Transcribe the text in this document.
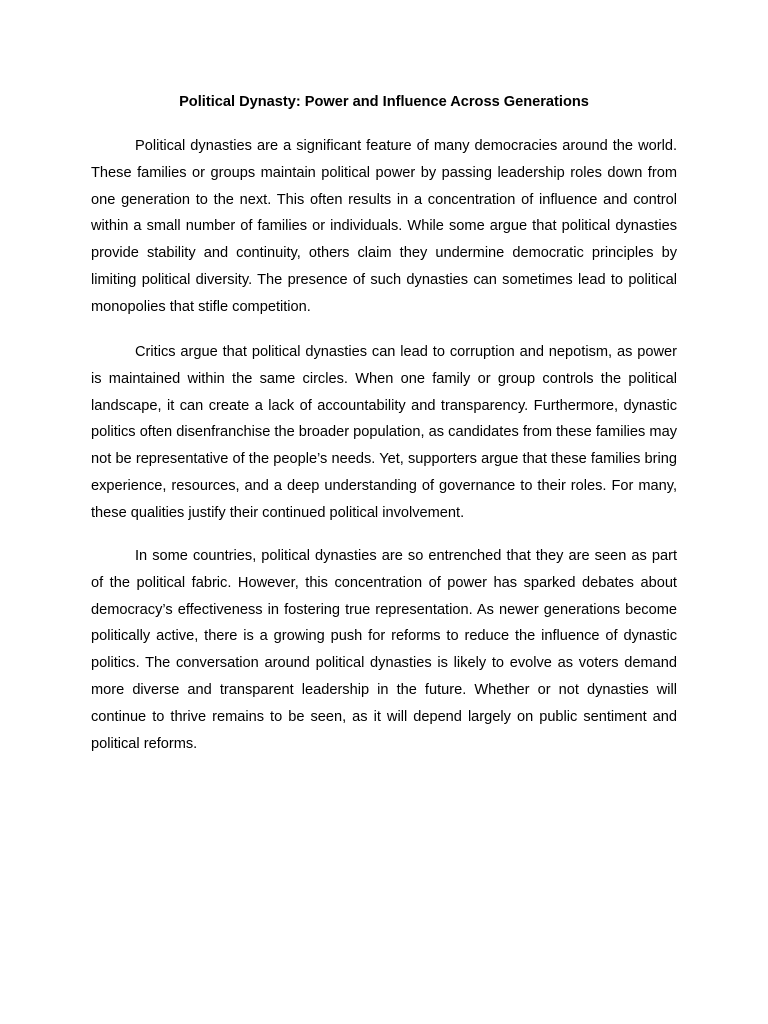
Political Dynasty: Power and Influence Across Generations

Political dynasties are a significant feature of many democracies around the world. These families or groups maintain political power by passing leadership roles down from one generation to the next. This often results in a concentration of influence and control within a small number of families or individuals. While some argue that political dynasties provide stability and continuity, others claim they undermine democratic principles by limiting political diversity. The presence of such dynasties can sometimes lead to political monopolies that stifle competition.

Critics argue that political dynasties can lead to corruption and nepotism, as power is maintained within the same circles. When one family or group controls the political landscape, it can create a lack of accountability and transparency. Furthermore, dynastic politics often disenfranchise the broader population, as candidates from these families may not be representative of the people’s needs. Yet, supporters argue that these families bring experience, resources, and a deep understanding of governance to their roles. For many, these qualities justify their continued political involvement.

In some countries, political dynasties are so entrenched that they are seen as part of the political fabric. However, this concentration of power has sparked debates about democracy’s effectiveness in fostering true representation. As newer generations become politically active, there is a growing push for reforms to reduce the influence of dynastic politics. The conversation around political dynasties is likely to evolve as voters demand more diverse and transparent leadership in the future. Whether or not dynasties will continue to thrive remains to be seen, as it will depend largely on public sentiment and political reforms.
